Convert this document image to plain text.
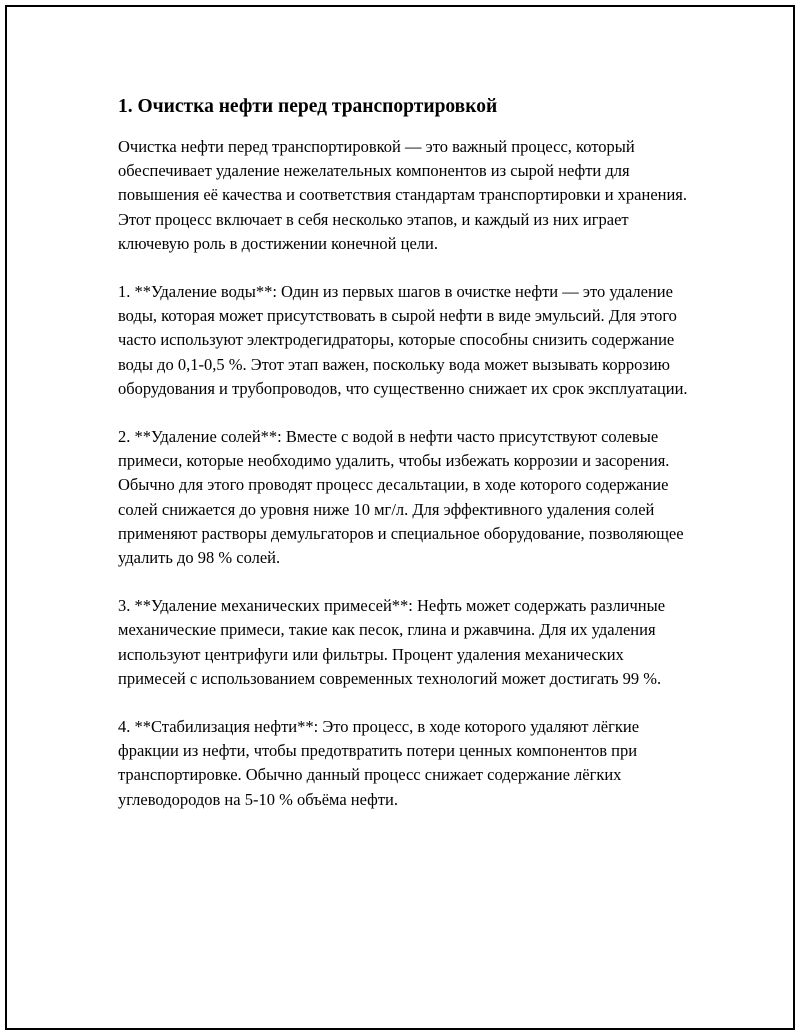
1. Очистка нефти перед транспортировкой

Очистка нефти перед транспортировкой — это важный процесс, который обеспечивает удаление нежелательных компонентов из сырой нефти для повышения её качества и соответствия стандартам транспортировки и хранения. Этот процесс включает в себя несколько этапов, и каждый из них играет ключевую роль в достижении конечной цели.

1. **Удаление воды**: Один из первых шагов в очистке нефти — это удаление воды, которая может присутствовать в сырой нефти в виде эмульсий. Для этого часто используют электродегидраторы, которые способны снизить содержание воды до 0,1-0,5 %. Этот этап важен, поскольку вода может вызывать коррозию оборудования и трубопроводов, что существенно снижает их срок эксплуатации.

2. **Удаление солей**: Вместе с водой в нефти часто присутствуют солевые примеси, которые необходимо удалить, чтобы избежать коррозии и засорения. Обычно для этого проводят процесс десальтации, в ходе которого содержание солей снижается до уровня ниже 10 мг/л. Для эффективного удаления солей применяют растворы демульгаторов и специальное оборудование, позволяющее удалить до 98 % солей.

3. **Удаление механических примесей**: Нефть может содержать различные механические примеси, такие как песок, глина и ржавчина. Для их удаления используют центрифуги или фильтры. Процент удаления механических примесей с использованием современных технологий может достигать 99 %.

4. **Стабилизация нефти**: Это процесс, в ходе которого удаляют лёгкие фракции из нефти, чтобы предотвратить потери ценных компонентов при транспортировке. Обычно данный процесс снижает содержание лёгких углеводородов на 5-10 % объёма нефти.
